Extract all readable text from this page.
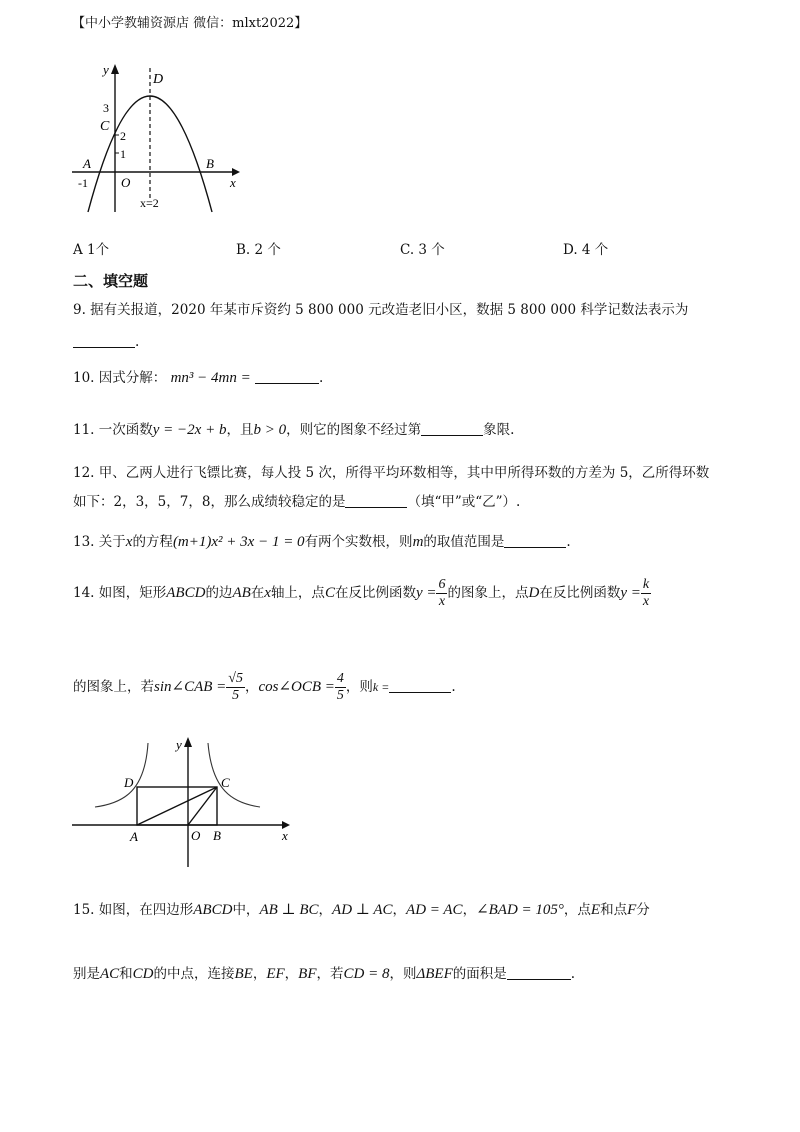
【中小学教辅资源店 微信：mlxt2022】
y
x
D
3
C
2
1
A	B
-1	O
x=2
A 1个	B. 2 个	C. 3 个	D. 4 个
二、填空题
9. 据有关报道，2020 年某市斥资约 5 800 000 元改造老旧小区，数据 5 800 000 科学记数法表示为
.
10. 因式分解： mn³ − 4mn =	.
11. 一次函数y = −2x + b，且b > 0，则它的图象不经过第	象限.
12. 甲、乙两人进行飞镖比赛，每人投 5 次，所得平均环数相等，其中甲所得环数的方差为 5，乙所得环数
如下：2，3，5，7，8，那么成绩较稳定的是	（填“甲”或“乙”）.
13. 关于x的方程(m+1)x² + 3x − 1 = 0有两个实数根，则m的取值范围是	.
14. 如图，矩形ABCD的边AB在x轴上，点C在反比例函数$y = \frac{6}{x}$ 的图象上，点D在反比例函数$y = \frac{k}{x}$
的图象上，若sin∠CAB = $\frac{√5}{5}$ ，cos∠OCB = $\frac{4}{5}$ ，则k =	.
y
x
D	C
A	O B
15. 如图，在四边形ABCD中，AB ⊥ BC，AD ⊥ AC，AD = AC，∠BAD = 105°，点E和点F分
别是AC和CD的中点，连接BE，EF，BF，若CD = 8，则ΔBEF的面积是	.
